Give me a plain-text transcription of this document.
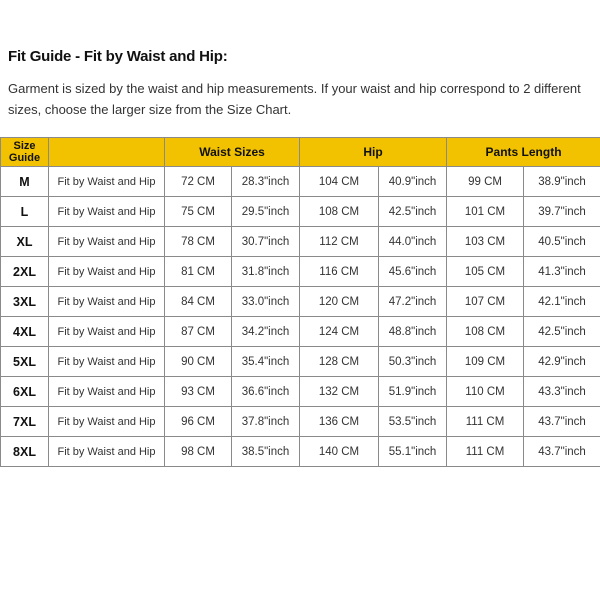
Fit Guide - Fit by Waist and Hip:
Garment is sized by the waist and hip measurements. If your waist and hip correspond to 2 different sizes, choose the larger size from the Size Chart.
Size Guide		Waist Sizes		Hip		Pants Length	
M	Fit by Waist and Hip	72 CM	28.3"inch	104 CM	40.9"inch	99 CM	38.9"inch
L	Fit by Waist and Hip	75 CM	29.5"inch	108 CM	42.5"inch	101 CM	39.7"inch
XL	Fit by Waist and Hip	78 CM	30.7"inch	112 CM	44.0"inch	103 CM	40.5"inch
2XL	Fit by Waist and Hip	81 CM	31.8"inch	116 CM	45.6"inch	105 CM	41.3"inch
3XL	Fit by Waist and Hip	84 CM	33.0"inch	120 CM	47.2"inch	107 CM	42.1"inch
4XL	Fit by Waist and Hip	87 CM	34.2"inch	124 CM	48.8"inch	108 CM	42.5"inch
5XL	Fit by Waist and Hip	90 CM	35.4"inch	128 CM	50.3"inch	109 CM	42.9"inch
6XL	Fit by Waist and Hip	93 CM	36.6"inch	132 CM	51.9"inch	110 CM	43.3"inch
7XL	Fit by Waist and Hip	96 CM	37.8"inch	136 CM	53.5"inch	111 CM	43.7"inch
8XL	Fit by Waist and Hip	98 CM	38.5"inch	140 CM	55.1"inch	111 CM	43.7"inch
